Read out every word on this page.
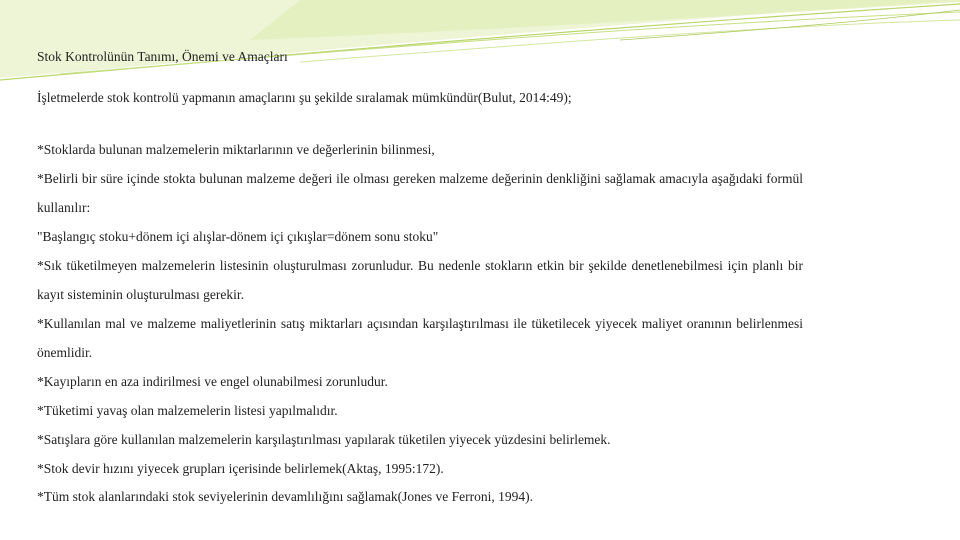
Stok Kontrolünün Tanımı, Önemi ve Amaçları

İşletmelerde stok kontrolü yapmanın amaçlarını şu şekilde sıralamak mümkündür(Bulut, 2014:49);

*Stoklarda bulunan malzemelerin miktarlarının ve değerlerinin bilinmesi,
*Belirli bir süre içinde stokta bulunan malzeme değeri ile olması gereken malzeme değerinin denkliğini sağlamak amacıyla aşağıdaki formül kullanılır:
"Başlangıç stoku+dönem içi alışlar-dönem içi çıkışlar=dönem sonu stoku"
*Sık tüketilmeyen malzemelerin listesinin oluşturulması zorunludur. Bu nedenle stokların etkin bir şekilde denetlenebilmesi için planlı bir kayıt sisteminin oluşturulması gerekir.
*Kullanılan mal ve malzeme maliyetlerinin satış miktarları açısından karşılaştırılması ile tüketilecek yiyecek maliyet oranının belirlenmesi önemlidir.
*Kayıpların en aza indirilmesi ve engel olunabilmesi zorunludur.
*Tüketimi yavaş olan malzemelerin listesi yapılmalıdır.
*Satışlara göre kullanılan malzemelerin karşılaştırılması yapılarak tüketilen yiyecek yüzdesini belirlemek.
*Stok devir hızını yiyecek grupları içerisinde belirlemek(Aktaş, 1995:172).
*Tüm stok alanlarındaki stok seviyelerinin devamlılığını sağlamak(Jones ve Ferroni, 1994).
